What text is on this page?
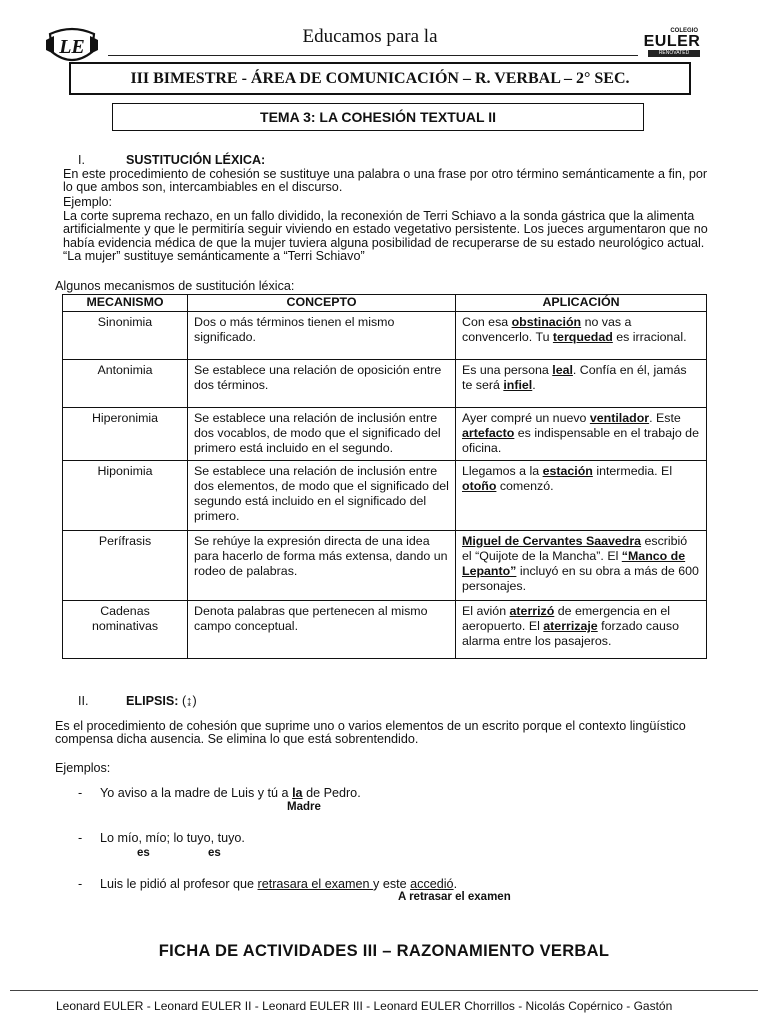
LE	Educamos para la	COLEGIO
EULER
RENOVATED
III BIMESTRE - ÁREA DE COMUNICACIÓN – R. VERBAL – 2° SEC.
TEMA 3: LA COHESIÓN TEXTUAL II
I.	SUSTITUCIÓN LÉXICA:
En este procedimiento de cohesión se sustituye una palabra o una frase por otro término semánticamente a fin, por lo que ambos son, intercambiables en el discurso.
Ejemplo:
La corte suprema rechazo, en un fallo dividido, la reconexión de Terri Schiavo a la sonda gástrica que la alimenta artificialmente y que le permitiría seguir viviendo en estado vegetativo persistente. Los jueces argumentaron que no había evidencia médica de que la mujer tuviera alguna posibilidad de recuperarse de su estado neurológico actual. “La mujer” sustituye semánticamente a “Terri Schiavo”
Algunos mecanismos de sustitución léxica:
MECANISMO	CONCEPTO	APLICACIÓN
Sinonimia	Dos o más términos tienen el mismo significado.	Con esa obstinación no vas a convencerlo. Tu terquedad es irracional.
Antonimia	Se establece una relación de oposición entre dos términos.	Es una persona leal. Confía en él, jamás te será infiel.
Hiperonimia	Se establece una relación de inclusión entre dos vocablos, de modo que el significado del primero está incluido en el segundo.	Ayer compré un nuevo ventilador. Este artefacto es indispensable en el trabajo de oficina.
Hiponimia	Se establece una relación de inclusión entre dos elementos, de modo que el significado del segundo está incluido en el significado del primero.	Llegamos a la estación intermedia. El otoño comenzó.
Perífrasis	Se rehúye la expresión directa de una idea para hacerlo de forma más extensa, dando un rodeo de palabras.	Miguel de Cervantes Saavedra escribió el “Quijote de la Mancha”. El “Manco de Lepanto” incluyó en su obra a más de 600 personajes.
Cadenas nominativas	Denota palabras que pertenecen al mismo campo conceptual.	El avión aterrizó de emergencia en el aeropuerto. El aterrizaje forzado causo alarma entre los pasajeros.
II.	ELIPSIS: (↨)
Es el procedimiento de cohesión que suprime uno o varios elementos de un escrito porque el contexto lingüístico compensa dicha ausencia. Se elimina lo que está sobrentendido.
Ejemplos:
- Yo aviso a la madre de Luis y tú a la de Pedro.
Madre
- Lo mío, mío; lo tuyo, tuyo.
es	es
- Luis le pidió al profesor que retrasara el examen y este accedió.
A retrasar el examen
FICHA DE ACTIVIDADES III – RAZONAMIENTO VERBAL
Leonard EULER - Leonard EULER II - Leonard EULER III - Leonard EULER Chorrillos - Nicolás Copérnico - Gastón
